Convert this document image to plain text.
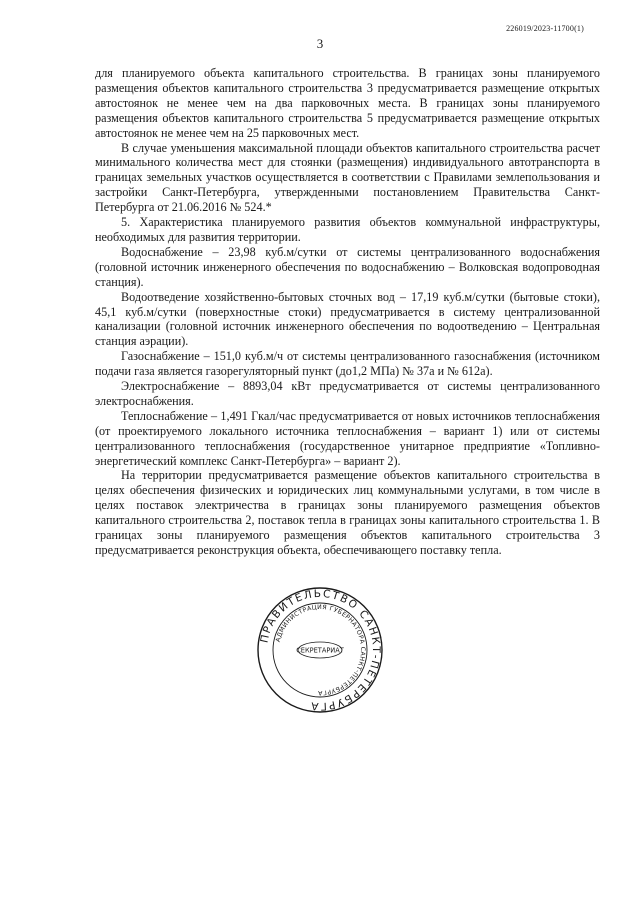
226019/2023-11700(1)
3

для планируемого объекта капитального строительства. В границах зоны планируемого размещения объектов капитального строительства 3 предусматривается размещение открытых автостоянок не менее чем на два парковочных места. В границах зоны планируемого размещения объектов капитального строительства 5 предусматривается размещение открытых автостоянок не менее чем на 25 парковочных мест.

В случае уменьшения максимальной площади объектов капитального строительства расчет минимального количества мест для стоянки (размещения) индивидуального автотранспорта в границах земельных участков осуществляется в соответствии с Правилами землепользования и застройки Санкт-Петербурга, утвержденными постановлением Правительства Санкт-Петербурга от 21.06.2016 № 524.*

5. Характеристика планируемого развития объектов коммунальной инфраструктуры, необходимых для развития территории.

Водоснабжение – 23,98 куб.м/сутки от системы централизованного водоснабжения (головной источник инженерного обеспечения по водоснабжению – Волковская водопроводная станция).

Водоотведение хозяйственно-бытовых сточных вод – 17,19 куб.м/сутки (бытовые стоки), 45,1 куб.м/сутки (поверхностные стоки) предусматривается в систему централизованной канализации (головной источник инженерного обеспечения по водоотведению – Центральная станция аэрации).

Газоснабжение – 151,0 куб.м/ч от системы централизованного газоснабжения (источником подачи газа является газорегуляторный пункт (до1,2 МПа) № 37а и № 612а).

Электроснабжение – 8893,04 кВт предусматривается от системы централизованного электроснабжения.

Теплоснабжение – 1,491 Гкал/час предусматривается от новых источников теплоснабжения (от проектируемого локального источника теплоснабжения – вариант 1) или от системы централизованного теплоснабжения (государственное унитарное предприятие «Топливно-энергетический комплекс Санкт-Петербурга» – вариант 2).

На территории предусматривается размещение объектов капитального строительства в целях обеспечения физических и юридических лиц коммунальными услугами, в том числе в целях поставок электричества в границах зоны планируемого размещения объектов капитального строительства 2, поставок тепла в границах зоны капитального строительства 1. В границах зоны планируемого размещения объектов капитального строительства 3 предусматривается реконструкция объекта, обеспечивающего поставку тепла.

ПРАВИТЕЛЬСТВО САНКТ-ПЕТЕРБУРГА
АДМИНИСТРАЦИЯ ГУБЕРНАТОРА САНКТ-ПЕТЕРБУРГА
СЕКРЕТАРИАТ
